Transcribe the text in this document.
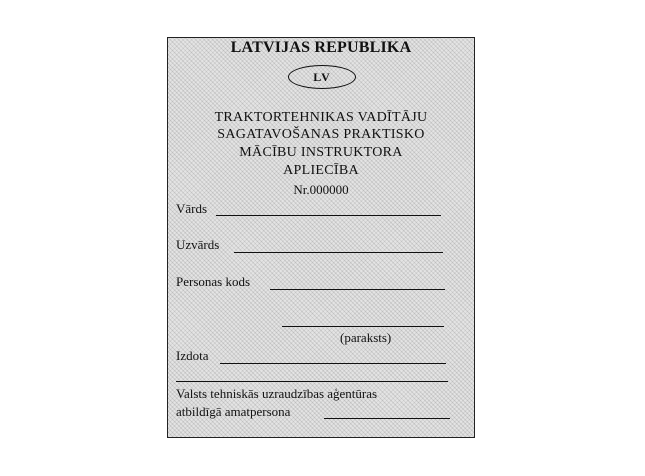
LATVIJAS REPUBLIKA
LV
TRAKTORTEHNIKAS VADĪTĀJU
SAGATAVOŠANAS PRAKTISKO
MĀCĪBU INSTRUKTORA
APLIECĪBA
Nr.000000
Vārds
Uzvārds
Personas kods
(paraksts)
Izdota
Valsts tehniskās uzraudzības aģentūras
atbildīgā amatpersona
